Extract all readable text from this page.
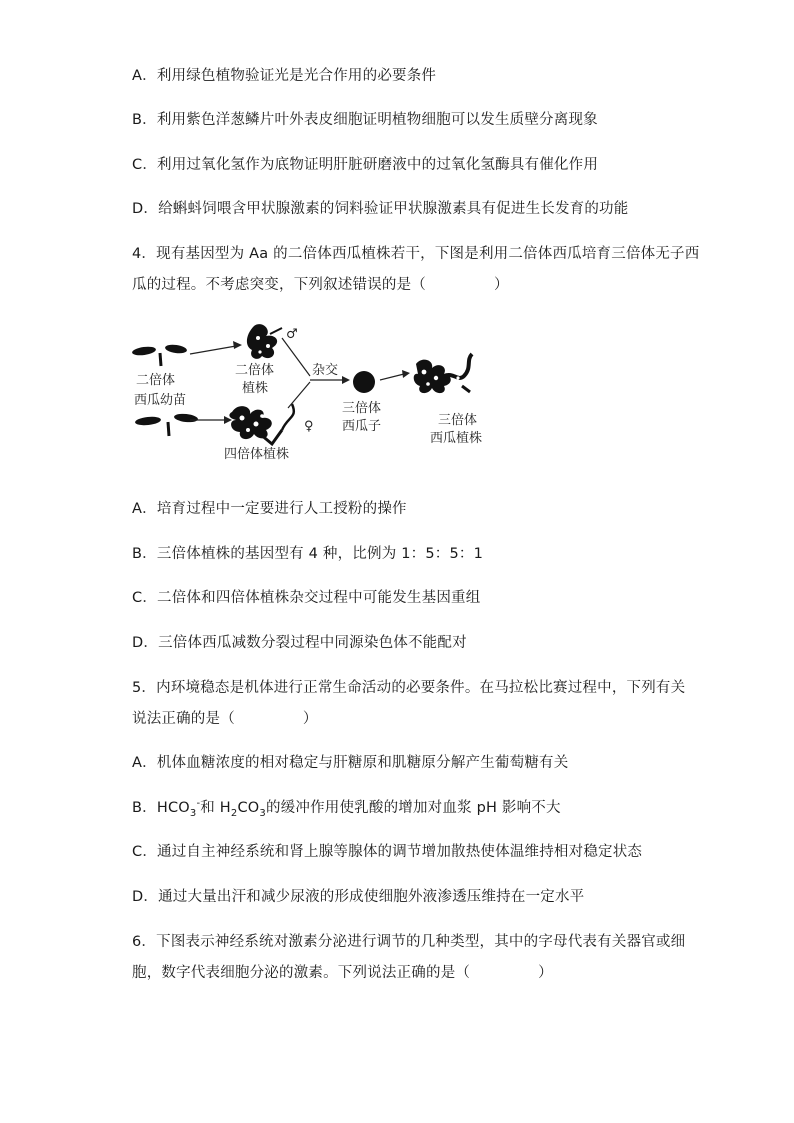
A．利用绿色植物验证光是光合作用的必要条件
B．利用紫色洋葱鳞片叶外表皮细胞证明植物细胞可以发生质壁分离现象
C．利用过氧化氢作为底物证明肝脏研磨液中的过氧化氢酶具有催化作用
D．给蝌蚪饲喂含甲状腺激素的饲料验证甲状腺激素具有促进生长发育的功能
4．现有基因型为 Aa 的二倍体西瓜植株若干，下图是利用二倍体西瓜培育三倍体无子西
瓜的过程。不考虑突变，下列叙述错误的是（	）
二倍体
西瓜幼苗
♂
二倍体
植株
♀
四倍体植株
杂交
三倍体
西瓜子	三倍体
西瓜植株
A．培育过程中一定要进行人工授粉的操作
B．三倍体植株的基因型有 4 种，比例为 1：5：5：1
C．二倍体和四倍体植株杂交过程中可能发生基因重组
D．三倍体西瓜减数分裂过程中同源染色体不能配对
5．内环境稳态是机体进行正常生命活动的必要条件。在马拉松比赛过程中，下列有关
说法正确的是（	）
A．机体血糖浓度的相对稳定与肝糖原和肌糖原分解产生葡萄糖有关
B．$HCO_3^-$和 $H_2CO_3$的缓冲作用使乳酸的增加对血浆 pH 影响不大
C．通过自主神经系统和肾上腺等腺体的调节增加散热使体温维持相对稳定状态
D．通过大量出汗和减少尿液的形成使细胞外液渗透压维持在一定水平
6．下图表示神经系统对激素分泌进行调节的几种类型，其中的字母代表有关器官或细
胞，数字代表细胞分泌的激素。下列说法正确的是（	）
